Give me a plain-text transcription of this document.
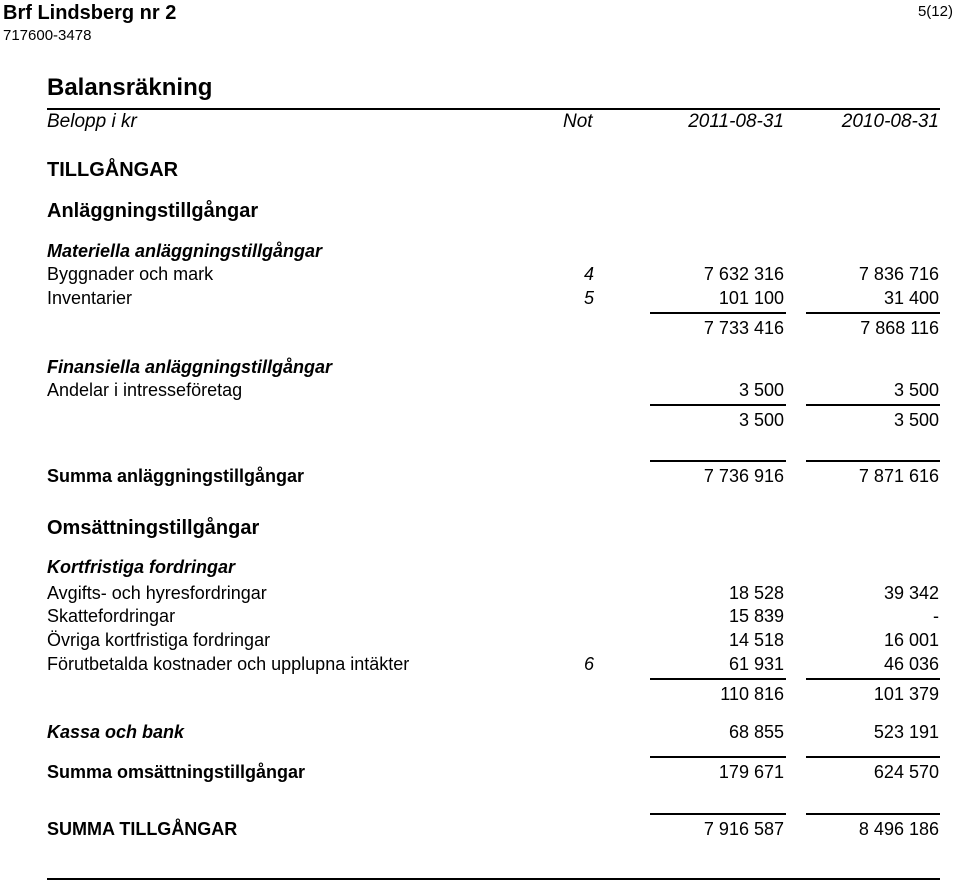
Brf Lindsberg nr 2
717600-3478
5(12)
Balansräkning
Belopp i kr	Not	2011-08-31	2010-08-31
TILLGÅNGAR
Anläggningstillgångar
Materiella anläggningstillgångar
Byggnader och mark	4	7 632 316	7 836 716
Inventarier	5	101 100	31 400
7 733 416	7 868 116
Finansiella anläggningstillgångar
Andelar i intresseföretag	3 500	3 500
3 500	3 500
Summa anläggningstillgångar	7 736 916	7 871 616
Omsättningstillgångar
Kortfristiga fordringar
Avgifts- och hyresfordringar	18 528	39 342
Skattefordringar	15 839	-
Övriga kortfristiga fordringar	14 518	16 001
Förutbetalda kostnader och upplupna intäkter	6	61 931	46 036
110 816	101 379
Kassa och bank	68 855	523 191
Summa omsättningstillgångar	179 671	624 570
SUMMA TILLGÅNGAR	7 916 587	8 496 186
